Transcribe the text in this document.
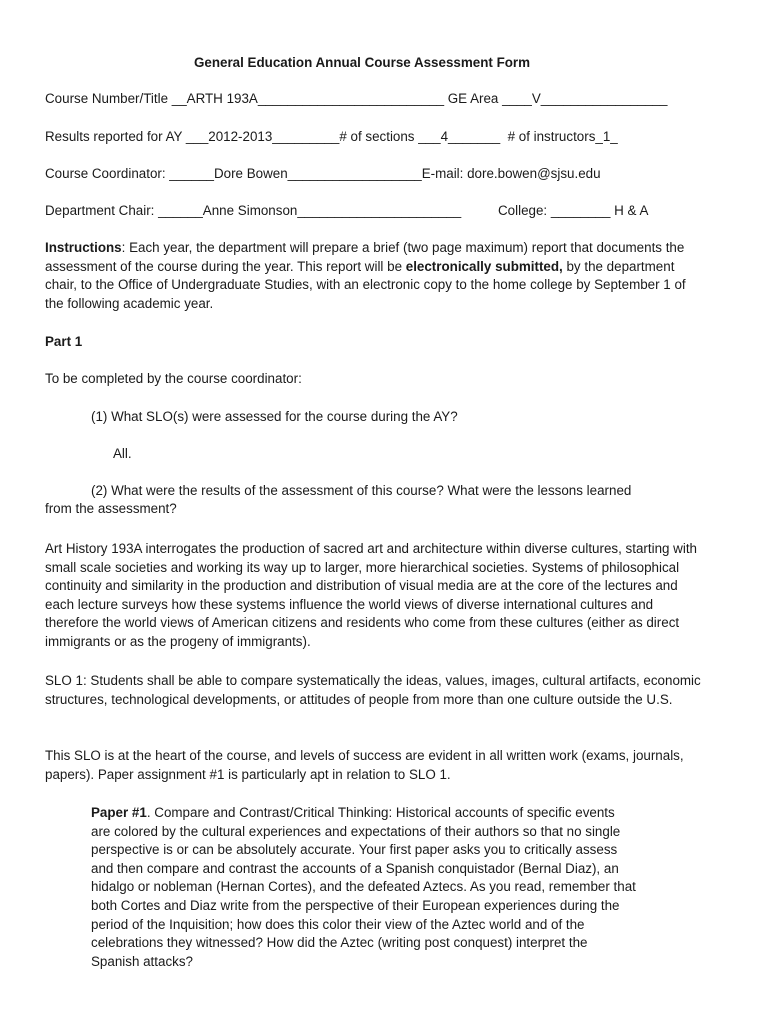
General Education Annual Course Assessment Form
Course Number/Title __ARTH 193A_________________________ GE Area ____V_________________
Results reported for AY ___2012-2013_________# of sections ___4_______  # of instructors_1_
Course Coordinator: ______Dore Bowen__________________E-mail: dore.bowen@sjsu.edu
Department Chair: ______Anne Simonson______________________	College: ________ H & A
Instructions: Each year, the department will prepare a brief (two page maximum) report that documents the assessment of the course during the year. This report will be electronically submitted, by the department chair, to the Office of Undergraduate Studies, with an electronic copy to the home college by September 1 of the following academic year.
Part 1
To be completed by the course coordinator:
(1) What SLO(s) were assessed for the course during the AY?
All.
(2) What were the results of the assessment of this course? What were the lessons learned
from the assessment?
Art History 193A interrogates the production of sacred art and architecture within diverse cultures, starting with small scale societies and working its way up to larger, more hierarchical societies. Systems of philosophical continuity and similarity in the production and distribution of visual media are at the core of the lectures and each lecture surveys how these systems influence the world views of diverse international cultures and therefore the world views of American citizens and residents who come from these cultures (either as direct immigrants or as the progeny of immigrants).
SLO 1: Students shall be able to compare systematically the ideas, values, images, cultural artifacts, economic structures, technological developments, or attitudes of people from more than one culture outside the U.S.
This SLO is at the heart of the course, and levels of success are evident in all written work (exams, journals, papers). Paper assignment #1 is particularly apt in relation to SLO 1.
Paper #1. Compare and Contrast/Critical Thinking: Historical accounts of specific events are colored by the cultural experiences and expectations of their authors so that no single perspective is or can be absolutely accurate. Your first paper asks you to critically assess and then compare and contrast the accounts of a Spanish conquistador (Bernal Diaz), an hidalgo or nobleman (Hernan Cortes), and the defeated Aztecs. As you read, remember that both Cortes and Diaz write from the perspective of their European experiences during the period of the Inquisition; how does this color their view of the Aztec world and of the celebrations they witnessed? How did the Aztec (writing post conquest) interpret the Spanish attacks?
